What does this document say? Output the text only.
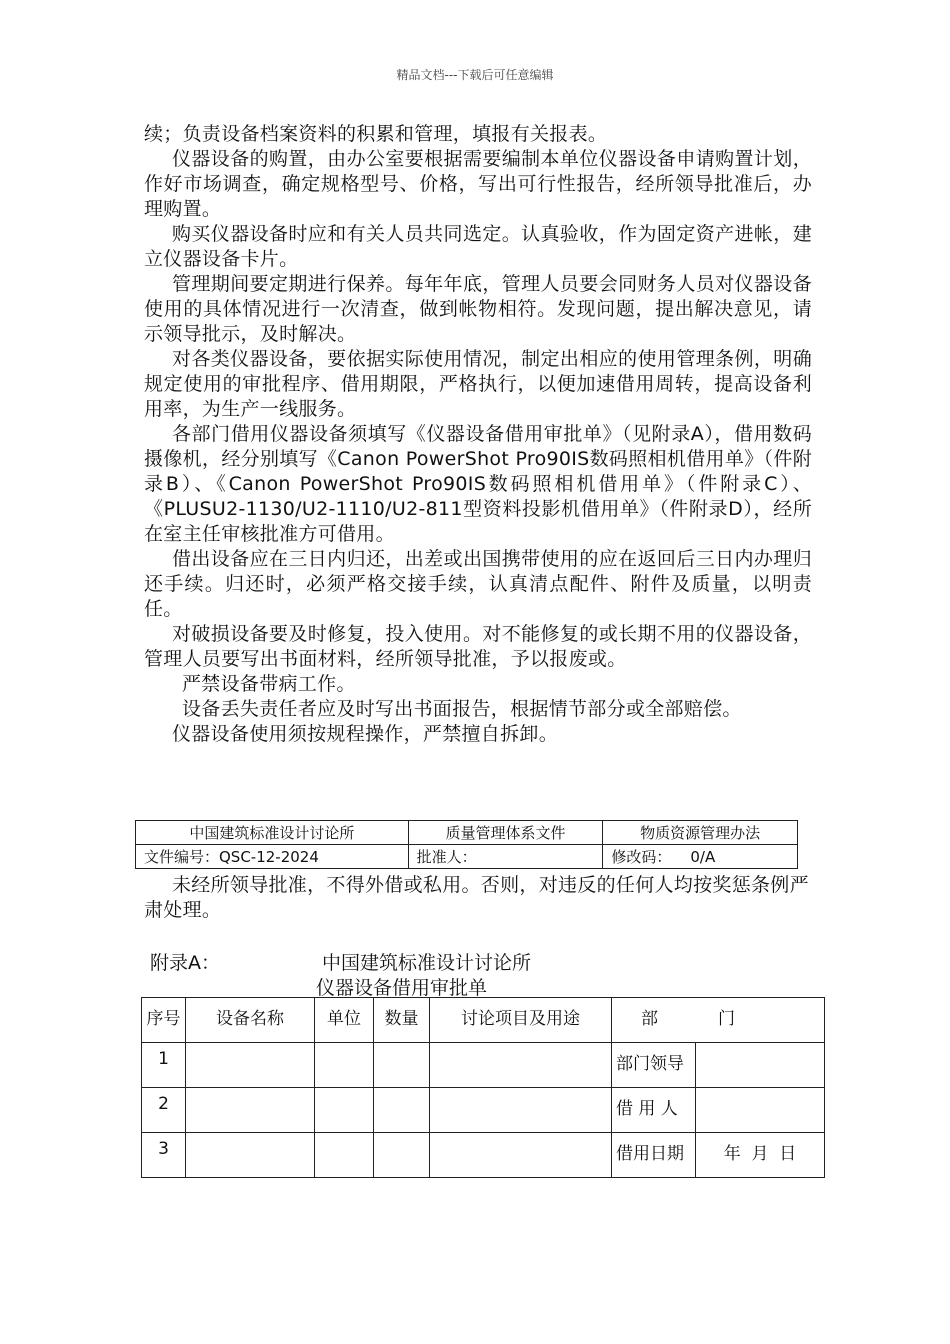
精品文档---下载后可任意编辑

续；负责设备档案资料的积累和管理，填报有关报表。

仪器设备的购置，由办公室要根据需要编制本单位仪器设备申请购置计划，作好市场调查，确定规格型号、价格，写出可行性报告，经所领导批准后，办理购置。

购买仪器设备时应和有关人员共同选定。认真验收，作为固定资产进帐，建立仪器设备卡片。

管理期间要定期进行保养。每年年底，管理人员要会同财务人员对仪器设备使用的具体情况进行一次清查，做到帐物相符。发现问题，提出解决意见，请示领导批示，及时解决。

对各类仪器设备，要依据实际使用情况，制定出相应的使用管理条例，明确规定使用的审批程序、借用期限，严格执行，以便加速借用周转，提高设备利用率，为生产一线服务。

各部门借用仪器设备须填写《仪器设备借用审批单》（见附录A），借用数码摄像机，经分别填写《Canon PowerShot Pro90IS数码照相机借用单》（件附录B）、《Canon PowerShot Pro90IS数码照相机借用单》（件附录C）、《PLUSU2-1130/U2-1110/U2-811型资料投影机借用单》（件附录D），经所在室主任审核批准方可借用。

借出设备应在三日内归还，出差或出国携带使用的应在返回后三日内办理归还手续。归还时，必须严格交接手续，认真清点配件、附件及质量，以明责任。

对破损设备要及时修复，投入使用。对不能修复的或长期不用的仪器设备，管理人员要写出书面材料，经所领导批准，予以报废或。

严禁设备带病工作。

设备丢失责任者应及时写出书面报告，根据情节部分或全部赔偿。

仪器设备使用须按规程操作，严禁擅自拆卸。

中国建筑标准设计讨论所	质量管理体系文件	物质资源管理办法
文件编号：QSC-12-2024	批准人：	修改码：    0/A

未经所领导批准，不得外借或私用。否则，对违反的任何人均按奖惩条例严肃处理。

附录A：	中国建筑标准设计讨论所
仪器设备借用审批单
序号	设备名称	单位	数量	讨论项目及用途	部门	
1					部门领导	
2					借 用 人	
3					借用日期	年  月  日
